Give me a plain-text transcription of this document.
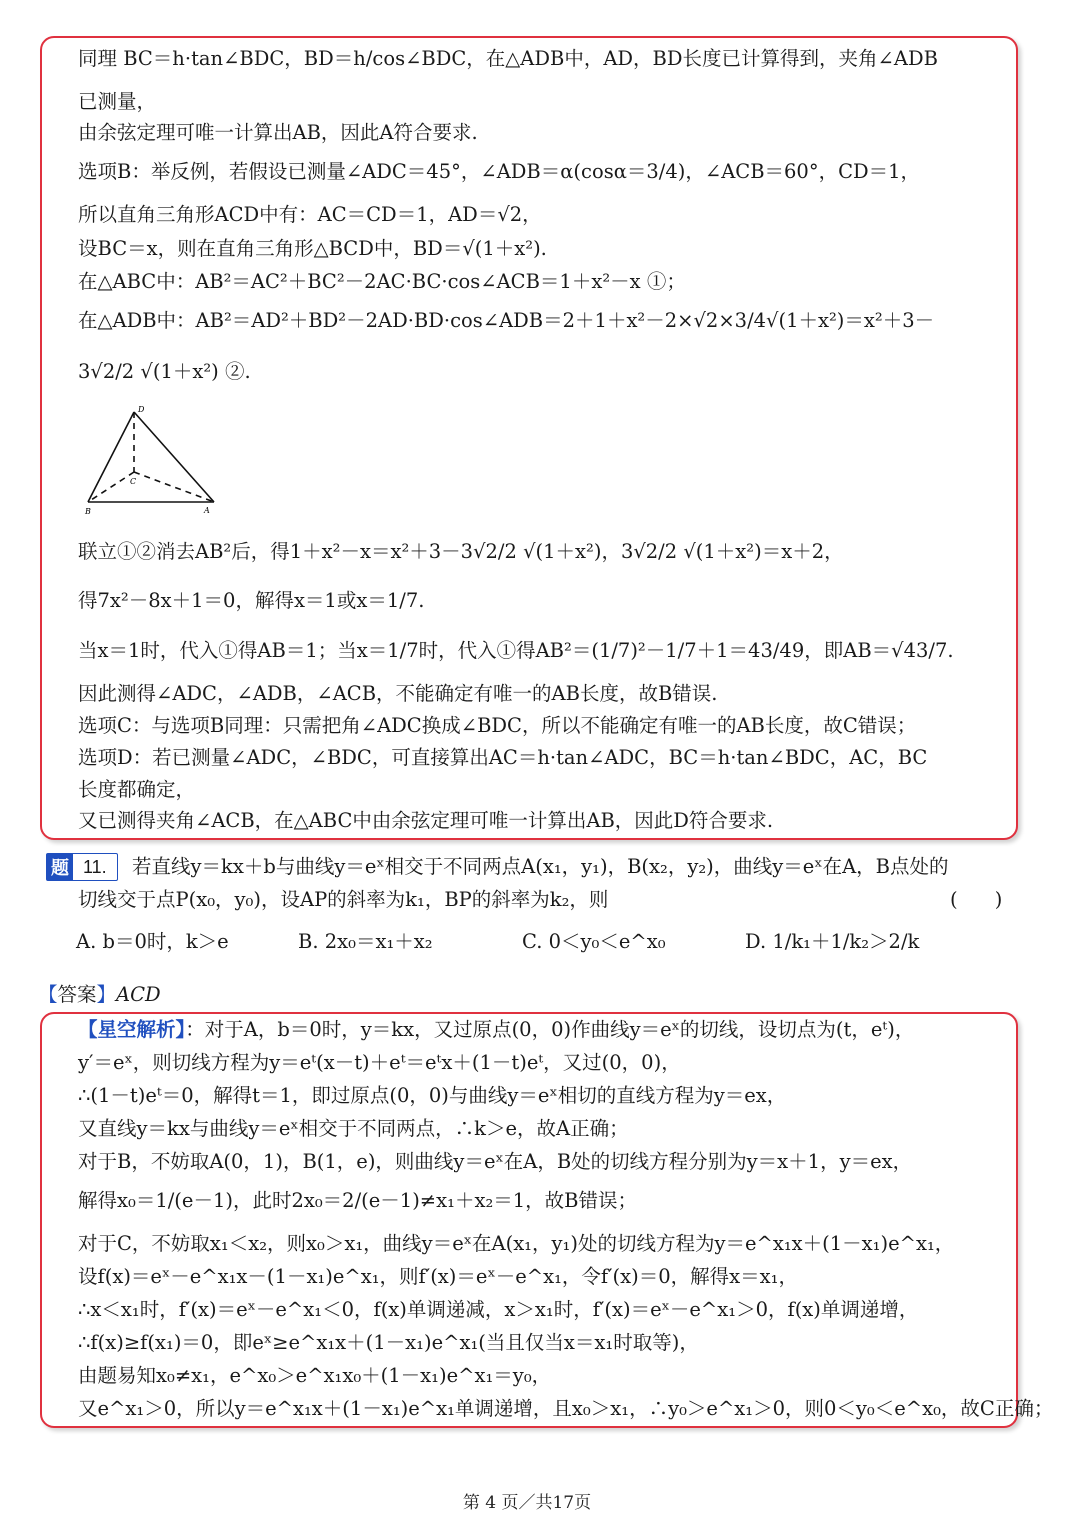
同理 BC＝h·tan∠BDC，BD＝h/cos∠BDC，在△ADB中，AD，BD长度已计算得到，夹角∠ADB
已测量，
由余弦定理可唯一计算出AB，因此A符合要求.
选项B：举反例，若假设已测量∠ADC＝45°，∠ADB＝α(cosα＝3/4)，∠ACB＝60°，CD＝1，
所以直角三角形ACD中有：AC＝CD＝1，AD＝√2，
设BC＝x，则在直角三角形△BCD中，BD＝√(1＋x²).
在△ABC中：AB²＝AC²＋BC²－2AC·BC·cos∠ACB＝1＋x²－x ①；
在△ADB中：AB²＝AD²＋BD²－2AD·BD·cos∠ADB＝2＋1＋x²－2×√2×3/4√(1＋x²)＝x²＋3－
3√2/2 √(1＋x²) ②.
D
C
B	A
联立①②消去AB²后，得1＋x²－x＝x²＋3－3√2/2 √(1＋x²)，3√2/2 √(1＋x²)＝x＋2，
得7x²－8x＋1＝0，解得x＝1或x＝1/7.
当x＝1时，代入①得AB＝1；当x＝1/7时，代入①得AB²＝(1/7)²－1/7＋1＝43/49，即AB＝√43/7.
因此测得∠ADC，∠ADB，∠ACB，不能确定有唯一的AB长度，故B错误.
选项C：与选项B同理：只需把角∠ADC换成∠BDC，所以不能确定有唯一的AB长度，故C错误；
选项D：若已测量∠ADC，∠BDC，可直接算出AC＝h·tan∠ADC，BC＝h·tan∠BDC，AC，BC
长度都确定，
又已测得夹角∠ACB，在△ABC中由余弦定理可唯一计算出AB，因此D符合要求.
题 11. 若直线y＝kx＋b与曲线y＝eˣ相交于不同两点A(x₁，y₁)，B(x₂，y₂)，曲线y＝eˣ在A，B点处的
切线交于点P(x₀，y₀)，设AP的斜率为k₁，BP的斜率为k₂，则	(      )
A. b＝0时，k＞e	B. 2x₀＝x₁＋x₂	C. 0＜y₀＜e^x₀	D. 1/k₁＋1/k₂＞2/k
【答案】ACD
【星空解析】：对于A，b＝0时，y＝kx，又过原点(0，0)作曲线y＝eˣ的切线，设切点为(t，eᵗ)，
y′＝eˣ，则切线方程为y＝eᵗ(x－t)＋eᵗ＝eᵗx＋(1－t)eᵗ，又过(0，0)，
∴(1－t)eᵗ＝0，解得t＝1，即过原点(0，0)与曲线y＝eˣ相切的直线方程为y＝ex，
又直线y＝kx与曲线y＝eˣ相交于不同两点，∴k＞e，故A正确；
对于B，不妨取A(0，1)，B(1，e)，则曲线y＝eˣ在A，B处的切线方程分别为y＝x＋1，y＝ex，
解得x₀＝1/(e－1)，此时2x₀＝2/(e－1)≠x₁＋x₂＝1，故B错误；
对于C，不妨取x₁＜x₂，则x₀＞x₁，曲线y＝eˣ在A(x₁，y₁)处的切线方程为y＝e^x₁x＋(1－x₁)e^x₁，
设f(x)＝eˣ－e^x₁x－(1－x₁)e^x₁，则f′(x)＝eˣ－e^x₁，令f′(x)＝0，解得x＝x₁，
∴x＜x₁时，f′(x)＝eˣ－e^x₁＜0，f(x)单调递减，x＞x₁时，f′(x)＝eˣ－e^x₁＞0，f(x)单调递增，
∴f(x)≥f(x₁)＝0，即eˣ≥e^x₁x＋(1－x₁)e^x₁(当且仅当x＝x₁时取等)，
由题易知x₀≠x₁，e^x₀＞e^x₁x₀＋(1－x₁)e^x₁＝y₀，
又e^x₁＞0，所以y＝e^x₁x＋(1－x₁)e^x₁单调递增，且x₀＞x₁，∴y₀＞e^x₁＞0，则0＜y₀＜e^x₀，故C正确；
第 4 页／共17页
